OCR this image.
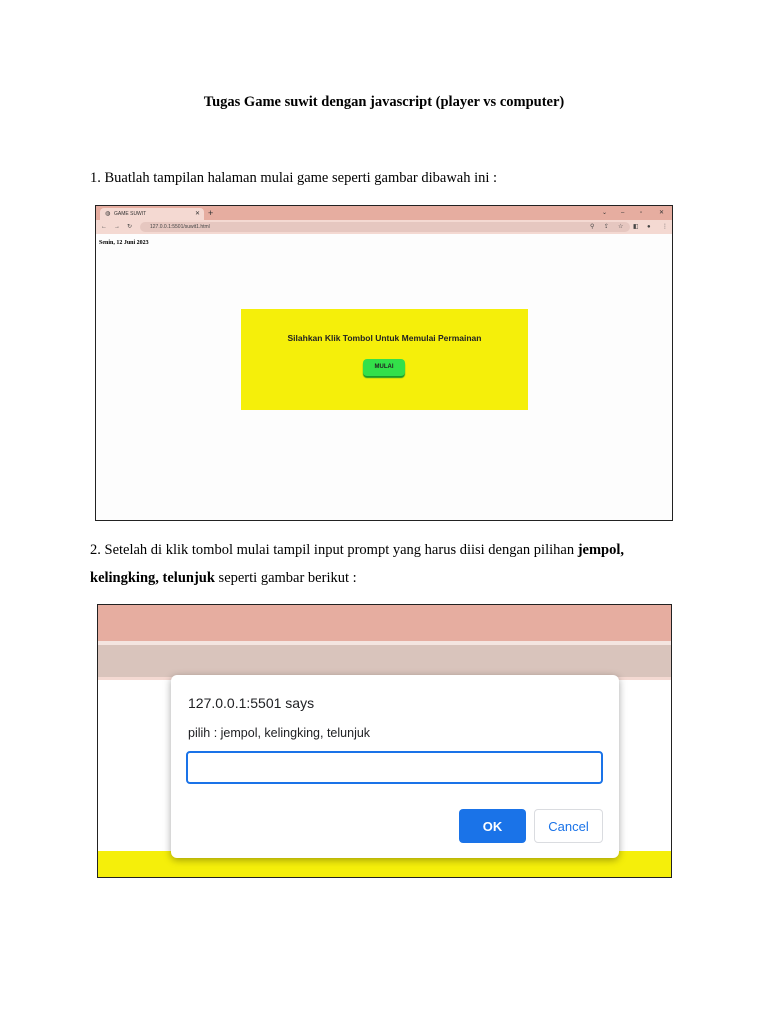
Tugas Game suwit dengan javascript (player vs computer)
1. Buatlah tampilan halaman mulai game seperti gambar dibawah ini :
◍ GAME SUWIT	✕ +	⌄ –	▫	✕
← → ↻	127.0.0.1:5501/suwit1.html	⚲ ⇪ ☆ ◧ ● ⋮
Senin, 12 Juni 2023
Silahkan Klik Tombol Untuk Memulai Permainan
MULAI
2. Setelah di klik tombol mulai tampil input prompt yang harus diisi dengan pilihan jempol,
kelingking, telunjuk seperti gambar berikut :
127.0.0.1:5501 says
pilih : jempol, kelingking, telunjuk
OK	Cancel
